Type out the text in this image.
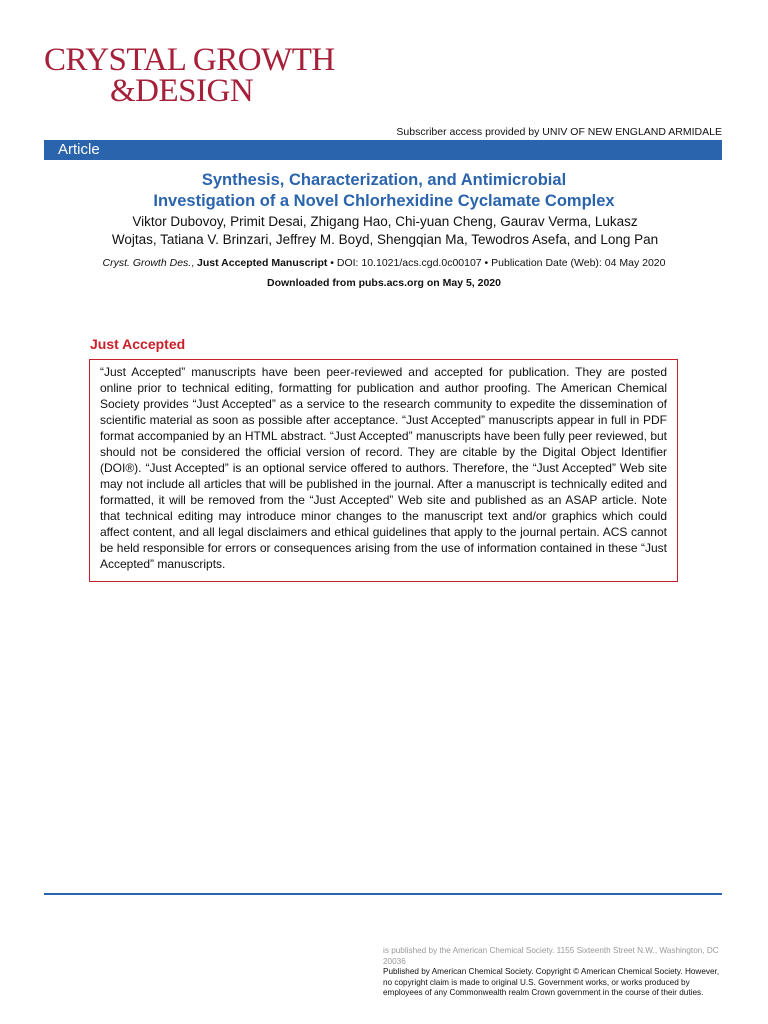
CRYSTAL GROWTH
&DESIGN
Subscriber access provided by UNIV OF NEW ENGLAND ARMIDALE
Article
Synthesis, Characterization, and Antimicrobial
Investigation of a Novel Chlorhexidine Cyclamate Complex
Viktor Dubovoy, Primit Desai, Zhigang Hao, Chi-yuan Cheng, Gaurav Verma, Lukasz
Wojtas, Tatiana V. Brinzari, Jeffrey M. Boyd, Shengqian Ma, Tewodros Asefa, and Long Pan
Cryst. Growth Des., Just Accepted Manuscript • DOI: 10.1021/acs.cgd.0c00107 • Publication Date (Web): 04 May 2020
Downloaded from pubs.acs.org on May 5, 2020
Just Accepted
“Just Accepted” manuscripts have been peer-reviewed and accepted for publication. They are posted online prior to technical editing, formatting for publication and author proofing. The American Chemical Society provides “Just Accepted” as a service to the research community to expedite the dissemination of scientific material as soon as possible after acceptance. “Just Accepted” manuscripts appear in full in PDF format accompanied by an HTML abstract. “Just Accepted” manuscripts have been fully peer reviewed, but should not be considered the official version of record. They are citable by the Digital Object Identifier (DOI®). “Just Accepted” is an optional service offered to authors. Therefore, the “Just Accepted” Web site may not include all articles that will be published in the journal. After a manuscript is technically edited and formatted, it will be removed from the “Just Accepted” Web site and published as an ASAP article. Note that technical editing may introduce minor changes to the manuscript text and/or graphics which could affect content, and all legal disclaimers and ethical guidelines that apply to the journal pertain. ACS cannot be held responsible for errors or consequences arising from the use of information contained in these “Just Accepted” manuscripts.
is published by the American Chemical Society. 1155 Sixteenth Street N.W., Washington, DC 20036
Published by American Chemical Society. Copyright © American Chemical Society. However, no copyright claim is made to original U.S. Government works, or works produced by employees of any Commonwealth realm Crown government in the course of their duties.
